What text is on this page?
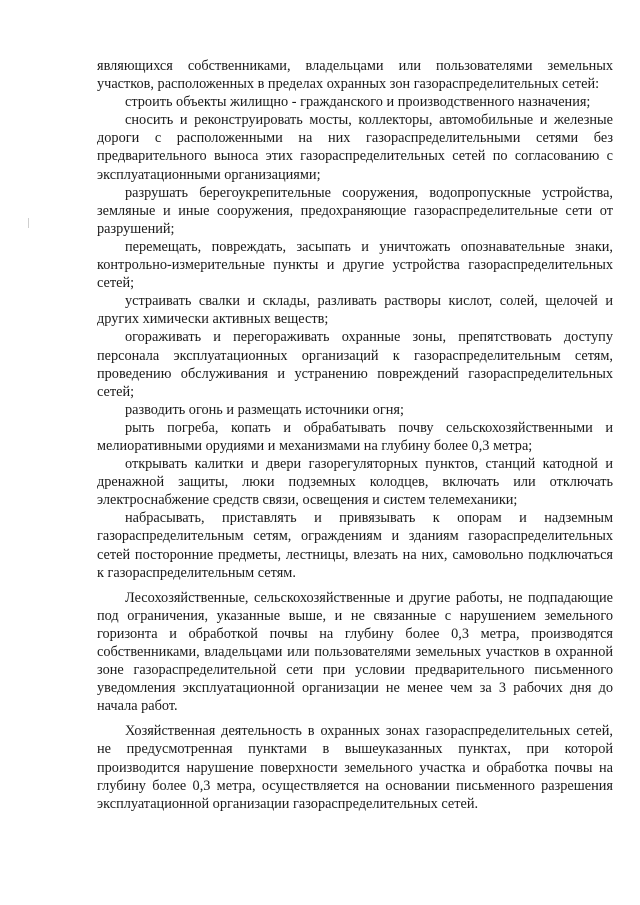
являющихся собственниками, владельцами или пользователями земельных участков, расположенных в пределах охранных зон газораспределительных сетей:

строить объекты жилищно - гражданского и производственного назначения;

сносить и реконструировать мосты, коллекторы, автомобильные и железные дороги с расположенными на них газораспределительными сетями без предварительного выноса этих газораспределительных сетей по согласованию с эксплуатационными организациями;

разрушать берегоукрепительные сооружения, водопропускные устройства, земляные и иные сооружения, предохраняющие газораспределительные сети от разрушений;

перемещать, повреждать, засыпать и уничтожать опознавательные знаки, контрольно-измерительные пункты и другие устройства газораспределительных сетей;

устраивать свалки и склады, разливать растворы кислот, солей, щелочей и других химически активных веществ;

огораживать и перегораживать охранные зоны, препятствовать доступу персонала эксплуатационных организаций к газораспределительным сетям, проведению обслуживания и устранению повреждений газораспределительных сетей;

разводить огонь и размещать источники огня;

рыть погреба, копать и обрабатывать почву сельскохозяйственными и мелиоративными орудиями и механизмами на глубину более 0,3 метра;

открывать калитки и двери газорегуляторных пунктов, станций катодной и дренажной защиты, люки подземных колодцев, включать или отключать электроснабжение средств связи, освещения и систем телемеханики;

набрасывать, приставлять и привязывать к опорам и надземным газораспределительным сетям, ограждениям и зданиям газораспределительных сетей посторонние предметы, лестницы, влезать на них, самовольно подключаться к газораспределительным сетям.

Лесохозяйственные, сельскохозяйственные и другие работы, не подпадающие под ограничения, указанные выше, и не связанные с нарушением земельного горизонта и обработкой почвы на глубину более 0,3 метра, производятся собственниками, владельцами или пользователями земельных участков в охранной зоне газораспределительной сети при условии предварительного письменного уведомления эксплуатационной организации не менее чем за 3 рабочих дня до начала работ.

Хозяйственная деятельность в охранных зонах газораспределительных сетей, не предусмотренная пунктами в вышеуказанных пунктах, при которой производится нарушение поверхности земельного участка и обработка почвы на глубину более 0,3 метра, осуществляется на основании письменного разрешения эксплуатационной организации газораспределительных сетей.
